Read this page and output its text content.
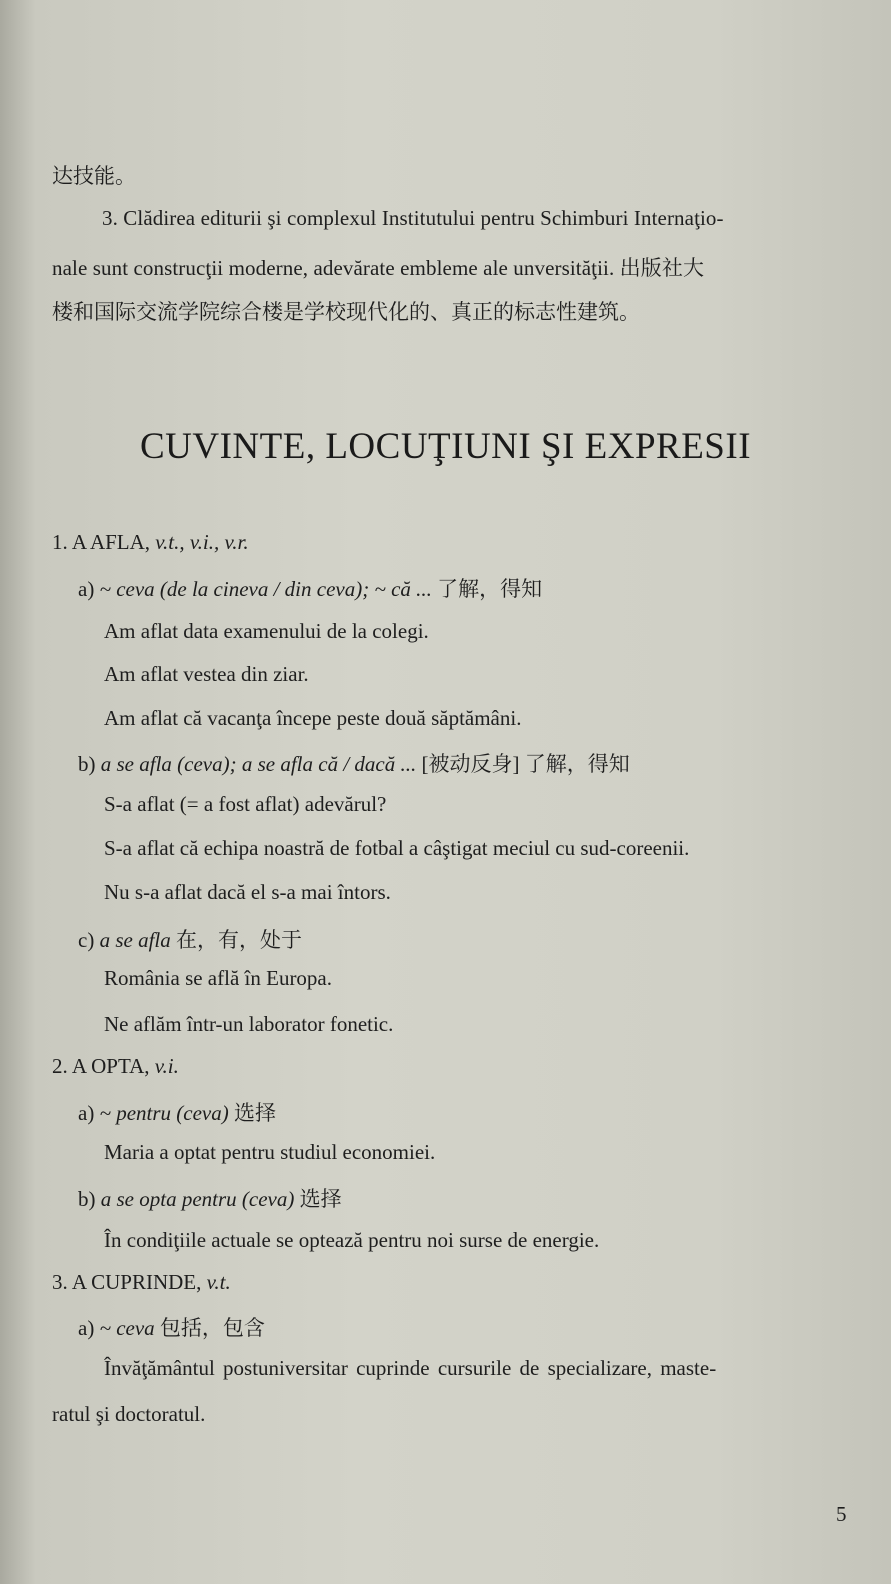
达技能。
3. Clădirea editurii şi complexul Institutului pentru Schimburi Internaţio-
nale sunt construcţii moderne, adevărate embleme ale unversităţii. 出版社大
楼和国际交流学院综合楼是学校现代化的、真正的标志性建筑。
CUVINTE, LOCUŢIUNI ŞI EXPRESII
1. A AFLA, v.t., v.i., v.r.
a) ~ ceva (de la cineva / din ceva); ~ că ... 了解，得知
Am aflat data examenului de la colegi.
Am aflat vestea din ziar.
Am aflat că vacanţa începe peste două săptămâni.
b) a se afla (ceva); a se afla că / dacă ... [被动反身] 了解，得知
S-a aflat (= a fost aflat) adevărul?
S-a aflat că echipa noastră de fotbal a câştigat meciul cu sud-coreenii.
Nu s-a aflat dacă el s-a mai întors.
c) a se afla 在，有，处于
România se află în Europa.
Ne aflăm într-un laborator fonetic.
2. A OPTA, v.i.
a) ~ pentru (ceva) 选择
Maria a optat pentru studiul economiei.
b) a se opta pentru (ceva) 选择
În condiţiile actuale se optează pentru noi surse de energie.
3. A CUPRINDE, v.t.
a) ~ ceva 包括，包含
Învăţământul postuniversitar cuprinde cursurile de specializare, maste-
ratul şi doctoratul.
5
